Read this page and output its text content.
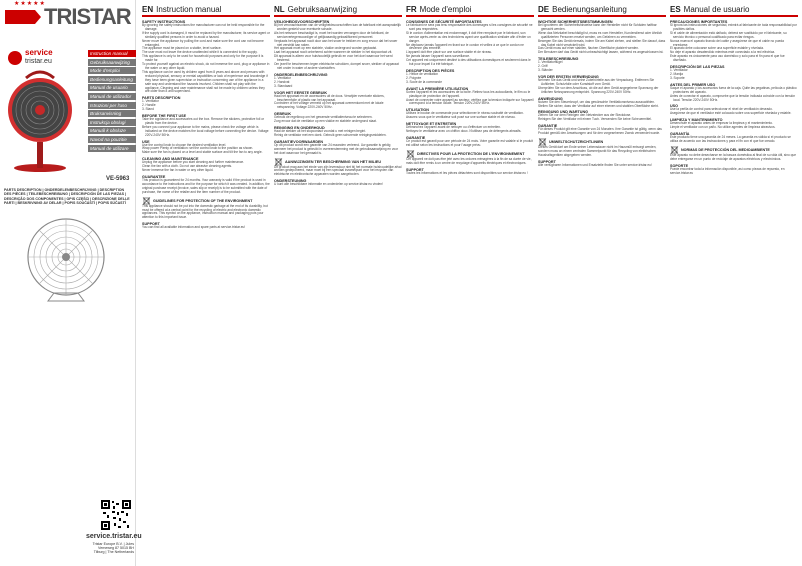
TRISTAR
★★★★★
service
tristar.eu
Instruction manual
Gebruiksaanwijzing
Mode d'emploi
Bedienungsanleitung
Manual de usuario
Manual de utilizador
Istruzioni per l'uso
Bruksanvisning
Instrukcja obslugi
Manuál k obsluze
Navod na pouzitie
Manual de utilizare
VE-5963
PARTS DESCRIPTION | ONDERDELENBESCHRIJVING | DESCRIPTION DES PIÈCES | TEILEBESCHREIBUNG | DESCRIPCIÓN DE LAS PIEZAS | DESCRIÇÃO DOS COMPONENTES | OPIS CZĘŚCI | DESCRIZIONE DELLE PARTI | BESKRIVNING AV DELAR | POPIS SOUČÁSTÍ | POPIS SÚČASTÍ
service.tristar.eu
Tristar Europe B.V. | Jules Verneweg 87 5015 BH Tilburg | The Netherlands
EN Instruction manual
SAFETY INSTRUCTIONS

By ignoring the safety instructions the manufacturer can not be held responsible for the damage.

If the supply cord is damaged, it must be replaced by the manufacturer, its service agent or similarly qualified persons in order to avoid a hazard.

Never move the appliance by pulling the cord and make sure the cord can not become entangled.

The appliance must be placed on a stable, level surface.

The user must not leave the device unattended while it is connected to the supply.

This appliance is only to be used for household purposes and only for the purpose it is made for.

To protect yourself against an electric shock, do not immerse the cord, plug or appliance in the water or any other liquid.

This appliance can be used by children aged from 8 years and above and persons with reduced physical, sensory or mental capabilities or lack of experience and knowledge if they have been given supervision or instruction concerning use of the appliance in a safe way and understand the hazards involved. Children shall not play with the appliance. Cleaning and user maintenance shall not be made by children unless they are older than 8 and supervised.

PARTS DESCRIPTION

1. Ventilator

2. Handle

3. Stand

BEFORE THE FIRST USE

Take the appliance and accessories out the box. Remove the stickers, protective foil or plastic from the device.

Before you connect your appliance to the mains, please check the voltage which is indicated on the device matches the local voltage before connecting the device. Voltage 220V-240V 50Hz.

USE

Use the control knob to choose the desired ventilation level.

Wrap power Plenty of ventilation: set the control knob to the position as shown.

Make sure the fan is placed on a level and stable surface and tilt the fan to any angle.

CLEANING AND MAINTENANCE

Unplug the appliance before you start cleaning and further maintenance.

Clean the fan with a cloth. Do not use abrasive cleaning agents.

Never immerse the fan in water or any other liquid.

GUARANTEE

This product is guaranteed for 24 months. Your warranty is valid if the product is used in accordance to the instructions and for the purpose for which it was created. In addition, the original purchase receipt (invoice, sales slip or receipt) is to be submitted with the date of purchase, the name of the retailer and the item number of the product.

GUIDELINES FOR PROTECTION OF THE ENVIRONMENT

This appliance should not be put into the domestic garbage at the end of its durability, but must be offered at a central point for the recycling of electric and electronic domestic appliances. This symbol on the appliance, instruction manual and packaging puts your attention to this important issue.

SUPPORT

You can find all available information and spare parts at service.tristar.eu!

NL Gebruiksaanwijzing
VEILIGHEIDSVOORSCHRIFTEN

Bij het veronachtzamen van de veiligheidsvoorschriften kan de fabrikant niet aansprakelijk worden gesteld voor eventuele schade.

Als het netsnoer beschadigd is, moet het worden vervangen door de fabrikant, de servicevertegenwoordiger of gelijkwaardig gekwalificeerd personeel.

Verplaats het apparaat nooit door aan het snoer te trekken en zorg ervoor dat het snoer niet verstrikt kan raken.

Het apparaat moet op een stabiele, vlakke ondergrond worden geplaatst.

Laat het apparaat nooit onbeheerd achter wanneer de stekker in het stopcontact zit.

Dit apparaat is alleen voor huishoudelijk gebruik en voor het doel waarvoor het werd bestemd.

Om jezelf te beschermen tegen elektrische schokken, dompel snoer, stekker of apparaat niet onder in water of andere vloeistoffen.

ONDERDELENBESCHRIJVING

1. Ventilator

2. Handvat

3. Standaard

VOOR HET EERSTE GEBRUIK

Haal het apparaat en de accessoires uit de doos. Verwijder eventuele stickers, beschermfolie of plastic van het apparaat.

Controleer of het voltage vermeld op het apparaat overeenkomt met de lokale netspanning. Voltage 220V-240V 50Hz.

GEBRUIK

Gebruik de regelknop om het gewenste ventilatieniveau te selecteren.

Zorg ervoor dat de ventilator op een vlakke en stabiele ondergrond staat.

REINIGING EN ONDERHOUD

Haal de stekker uit het stopcontact voordat u met reinigen begint.

Reinig de ventilator met een doek. Gebruik geen schurende reinigingsmiddelen.

GARANTIEVOORWAARDEN

Op dit product wordt een garantie van 24 maanden verleend. Uw garantie is geldig wanneer het product is gebruikt in overeenstemming met de gebruiksaanwijzing en voor het doel waarvoor het gemaakt is.

AANWIJZINGEN TER BESCHERMING VAN HET MILIEU

Dit product mag aan het einde van zijn levensduur niet bij het normale huishoudelijke afval worden gedeponeerd, maar moet bij een speciaal inzamelpunt voor het recyclen van elektrische en elektronische apparaten worden aangeboden.

ONDERSTEUNING

U kunt alle beschikbare informatie en onderdelen op service.tristar.eu vinden!

FR Mode d'emploi
CONSIGNES DE SÉCURITÉ IMPORTANTES

Le fabricant ne sera pas tenu responsable des dommages si les consignes de sécurité ne sont pas respectées.

Si le cordon d'alimentation est endommagé, il doit être remplacé par le fabricant, son service après-vente ou des techniciens ayant une qualification similaire afin d'éviter un danger.

Ne déplacez jamais l'appareil en tirant sur le cordon et veillez à ce que le cordon ne devienne pas emmêlé.

L'appareil doit être placé sur une surface stable et de niveau.

Ne jamais laisser l'appareil sans surveillance.

Cet appareil est uniquement destiné à des utilisations domestiques et seulement dans le but pour lequel il a été fabriqué.

DESCRIPTION DES PIÈCES

1. Hélice de ventilation

2. Poignée

3. Socle de la commande

AVANT LA PREMIÈRE UTILISATION

Sortez l'appareil et les accessoires de la boîte. Retirez tous les autocollants, le film ou le plastique de protection de l'appareil.

Avant de connecter votre appareil au secteur, vérifiez que la tension indiquée sur l'appareil correspond à la tension locale. Tension 220V-240V 50Hz.

UTILISATION

Utilisez le bouton de commande pour sélectionner le niveau souhaité de ventilation.

Assurez-vous que le ventilateur soit posé sur une surface stable et de niveau.

NETTOYAGE ET ENTRETIEN

Débranchez l'appareil avant de nettoyer ou d'effectuer un entretien.

Nettoyez le ventilateur avec un chiffon doux. N'utilisez pas de détergents abrasifs.

GARANTIE

Ce produit est garanti pour une période de 24 mois. Votre garantie est valable si le produit est utilisé selon les instructions et pour l'usage prévu.

DIRECTIVES POUR LA PROTECTION DE L'ENVIRONNEMENT

Cet appareil ne doit pas être jeté avec les ordures ménagères à la fin de sa durée de vie, mais doit être remis à un centre de recyclage d'appareils électriques et électroniques.

SUPPORT

Toutes les informations et les pièces détachées sont disponibles sur service.tristar.eu !

DE Bedienungsanleitung
WICHTIGE SICHERHEITSBESTIMMUNGEN

Bei Ignorieren der Sicherheitshinweise kann der Hersteller nicht für Schäden haftbar gemacht werden.

Wenn das Netzkabel beschädigt ist, muss es vom Hersteller, Kundendienst oder ähnlich qualifizierten Personen ersetzt werden, um Gefahren zu vermeiden.

Bewegen Sie das Gerät niemals, indem Sie am Kabel ziehen, und stellen Sie darauf, dass das Kabel nicht verwickelt wird.

Das Gerät muss auf einer stabilen, flachen Oberfläche platziert werden.

Der Benutzer darf das Gerät nicht unbeaufsichtigt lassen, während es angeschlossen ist.

TEILEBESCHREIBUNG

1. Ventilatorflügel

2. Griff

3. Ständer

VOR DER ERSTEN VERWENDUNG

Nehmen Sie das Gerät und seine Zubehörteile aus der Verpackung. Entfernen Sie Aufkleber, Schutzfolie oder Kunststoff vom Gerät.

Überprüfen Sie vor dem Anschluss, ob die auf dem Gerät angegebene Spannung der örtlichen Netzspannung entspricht. Spannung 220V-240V 50Hz.

ANWENDUNG

Nutzen Sie den Steuerknopf, um das gewünschte Ventilationsniveau auszuwählen.

Stellen Sie sicher, dass der Ventilator auf einer ebenen und stabilen Oberfläche steht.

REINIGUNG UND WARTUNG

Ziehen Sie vor dem Reinigen den Netzstecker aus der Steckdose.

Reinigen Sie den Ventilator mit einem Tuch. Verwenden Sie keine Scheuermittel.

GARANTIE

Für dieses Produkt gilt eine Garantie von 24 Monaten. Ihre Garantie ist gültig, wenn das Produkt gemäß den Anweisungen und für den vorgesehenen Zweck verwendet wurde.

UMWELTSCHUTZRICHTLINIEN

Dieses Gerät darf am Ende seiner Lebensdauer nicht im Hausmüll entsorgt werden, sondern muss an einem zentralen Sammelpunkt für das Recycling von elektrischen Haushaltsgeräten abgegeben werden.

SUPPORT

Alle verfügbaren Informationen und Ersatzteile finden Sie unter service.tristar.eu!

ES Manual de usuario
PRECAUCIONES IMPORTANTES

Si ignora las instrucciones de seguridad, eximirá al fabricante de toda responsabilidad por posibles daños.

Si el cable de alimentación está dañado, deberá ser sustituido por el fabricante, su servicio técnico o personal cualificado para evitar riesgos.

Nunca mueva el aparato tirando del cable y asegúrese de que el cable no pueda enredarse.

El aparato debe colocarse sobre una superficie estable y nivelada.

No deje el aparato desatendido mientras esté conectado a la red eléctrica.

Este aparato es únicamente para uso doméstico y solo para el fin para el que fue diseñado.

DESCRIPCIÓN DE LAS PIEZAS

1. Ventilador

2. Manija

3. Soporte

ANTES DEL PRIMER USO

Saque el aparato y los accesorios fuera de la caja. Quite las pegatinas, película o plástico protectores del aparato.

Antes de conectar el aparato, compruebe que la tensión indicada coincide con la tensión local. Tensión 220V-240V 50Hz.

USO

Use la perilla de control para seleccionar el nivel de ventilación deseado.

Asegúrese de que el ventilador esté colocado sobre una superficie nivelada y estable.

LIMPIEZA Y MANTENIMIENTO

Desenchufe el aparato antes de empezar la limpieza y el mantenimiento.

Limpie el ventilador con un paño. No utilice agentes de limpieza abrasivos.

GARANTÍA

Este producto tiene una garantía de 24 meses. La garantía es válida si el producto se utiliza de acuerdo con las instrucciones y para el fin con el que fue creado.

NORMAS DE PROTECCIÓN DEL MEDIOAMBIENTE

Este aparato no debe desecharse en la basura doméstica al final de su vida útil, sino que debe entregarse en un punto de reciclaje de aparatos eléctricos y electrónicos.

SOPORTE

Puede encontrar toda la información disponible, así como piezas de repuesto, en service.tristar.eu
